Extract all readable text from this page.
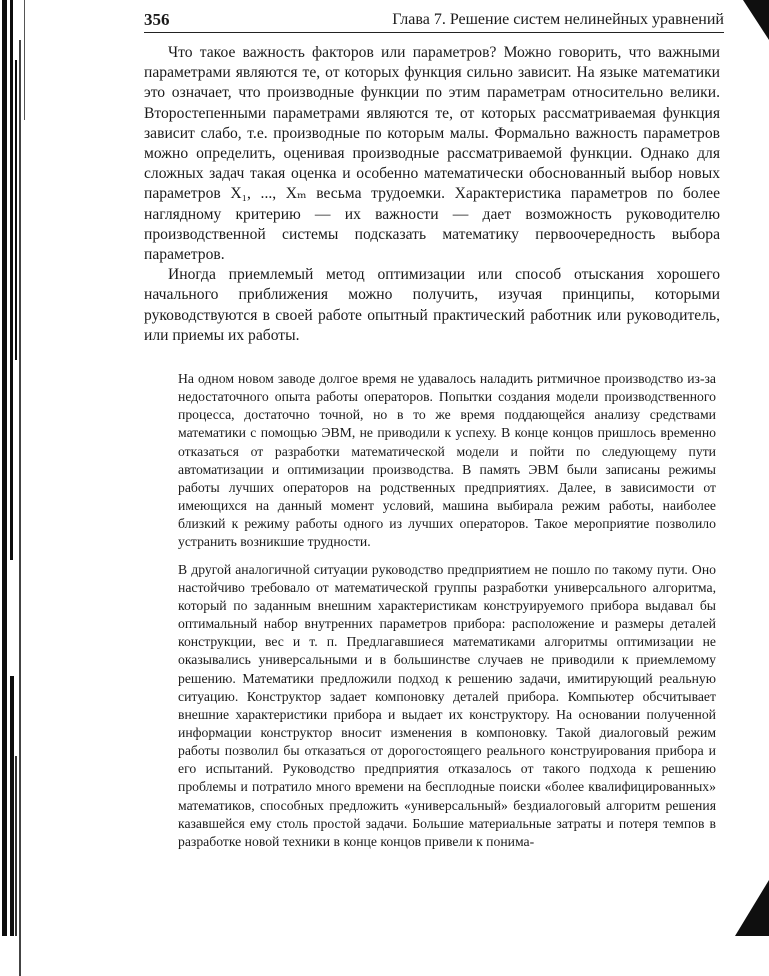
356	Глава 7. Решение систем нелинейных уравнений

Что такое важность факторов или параметров? Можно говорить, что важными параметрами являются те, от которых функция сильно зависит. На языке математики это означает, что производные функции по этим параметрам относительно велики. Второстепенными параметрами являются те, от которых рассматриваемая функция зависит слабо, т.е. производные по которым малы. Формально важность параметров можно определить, оценивая производные рассматриваемой функции. Однако для сложных задач такая оценка и особенно математически обоснованный выбор новых параметров X₁, ..., Xₘ весьма трудоемки. Характеристика параметров по более наглядному критерию — их важности — дает возможность руководителю производственной системы подсказать математику первоочередность выбора параметров.

Иногда приемлемый метод оптимизации или способ отыскания хорошего начального приближения можно получить, изучая принципы, которыми руководствуются в своей работе опытный практический работник или руководитель, или приемы их работы.

На одном новом заводе долгое время не удавалось наладить ритмичное производство из-за недостаточного опыта работы операторов. Попытки создания модели производственного процесса, достаточно точной, но в то же время поддающейся анализу средствами математики с помощью ЭВМ, не приводили к успеху. В конце концов пришлось временно отказаться от разработки математической модели и пойти по следующему пути автоматизации и оптимизации производства. В память ЭВМ были записаны режимы работы лучших операторов на родственных предприятиях. Далее, в зависимости от имеющихся на данный момент условий, машина выбирала режим работы, наиболее близкий к режиму работы одного из лучших операторов. Такое мероприятие позволило устранить возникшие трудности.

В другой аналогичной ситуации руководство предприятием не пошло по такому пути. Оно настойчиво требовало от математической группы разработки универсального алгоритма, который по заданным внешним характеристикам конструируемого прибора выдавал бы оптимальный набор внутренних параметров прибора: расположение и размеры деталей конструкции, вес и т. п. Предлагавшиеся математиками алгоритмы оптимизации не оказывались универсальными и в большинстве случаев не приводили к приемлемому решению. Математики предложили подход к решению задачи, имитирующий реальную ситуацию. Конструктор задает компоновку деталей прибора. Компьютер обсчитывает внешние характеристики прибора и выдает их конструктору. На основании полученной информации конструктор вносит изменения в компоновку. Такой диалоговый режим работы позволил бы отказаться от дорогостоящего реального конструирования прибора и его испытаний. Руководство предприятия отказалось от такого подхода к решению проблемы и потратило много времени на бесплодные поиски «более квалифицированных» математиков, способных предложить «универсальный» бездиалоговый алгоритм решения казавшейся ему столь простой задачи. Большие материальные затраты и потеря темпов в разработке новой техники в конце концов привели к понима-
